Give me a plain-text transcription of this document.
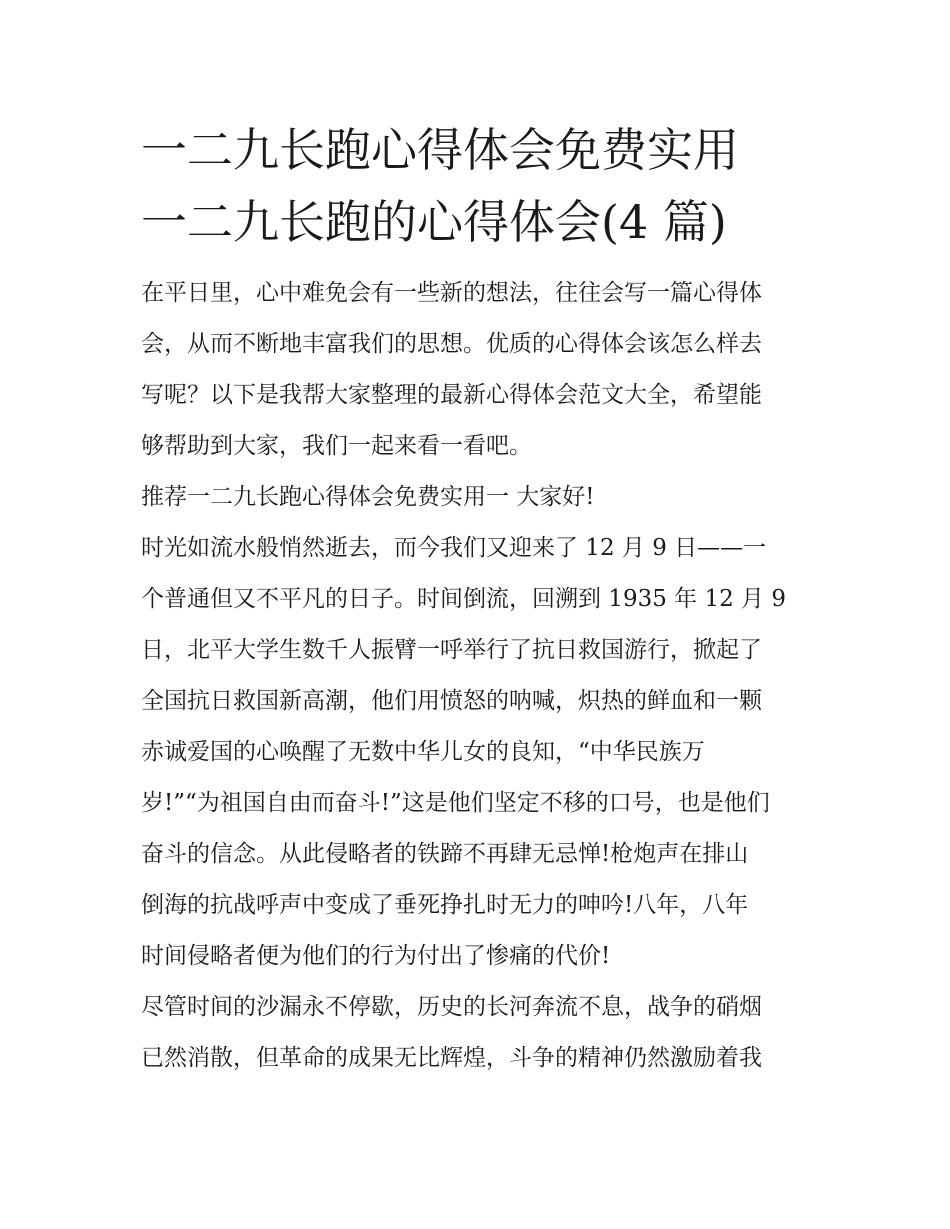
一二九长跑心得体会免费实用
一二九长跑的心得体会(4 篇)

在平日里，心中难免会有一些新的想法，往往会写一篇心得体
会，从而不断地丰富我们的思想。优质的心得体会该怎么样去
写呢？以下是我帮大家整理的最新心得体会范文大全，希望能
够帮助到大家，我们一起来看一看吧。

推荐一二九长跑心得体会免费实用一 大家好!

时光如流水般悄然逝去，而今我们又迎来了 12 月 9 日——一
个普通但又不平凡的日子。时间倒流，回溯到 1935 年 12 月 9
日，北平大学生数千人振臂一呼举行了抗日救国游行，掀起了
全国抗日救国新高潮，他们用愤怒的呐喊，炽热的鲜血和一颗
赤诚爱国的心唤醒了无数中华儿女的良知，“中华民族万
岁!”“为祖国自由而奋斗!”这是他们坚定不移的口号，也是他们
奋斗的信念。从此侵略者的铁蹄不再肆无忌惮!枪炮声在排山
倒海的抗战呼声中变成了垂死挣扎时无力的呻吟!八年，八年
时间侵略者便为他们的行为付出了惨痛的代价!

尽管时间的沙漏永不停歇，历史的长河奔流不息，战争的硝烟
已然消散，但革命的成果无比辉煌，斗争的精神仍然激励着我
